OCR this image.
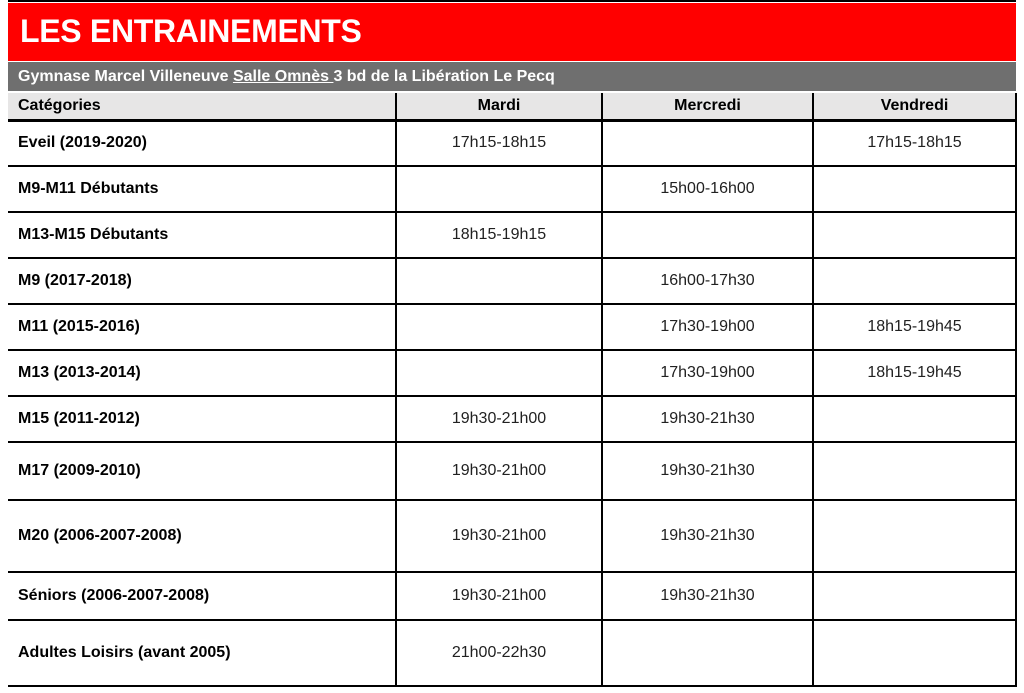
LES ENTRAINEMENTS
Gymnase Marcel Villeneuve Salle Omnès 3 bd de la Libération Le Pecq
Catégories	Mardi	Mercredi	Vendredi
Eveil (2019-2020)	17h15-18h15		17h15-18h15
M9-M11 Débutants		15h00-16h00	
M13-M15 Débutants	18h15-19h15		
M9 (2017-2018)		16h00-17h30	
M11 (2015-2016)		17h30-19h00	18h15-19h45
M13 (2013-2014)		17h30-19h00	18h15-19h45
M15 (2011-2012)	19h30-21h00	19h30-21h30	
M17 (2009-2010)	19h30-21h00	19h30-21h30	
M20 (2006-2007-2008)	19h30-21h00	19h30-21h30	
Séniors (2006-2007-2008)	19h30-21h00	19h30-21h30	
Adultes Loisirs (avant 2005)	21h00-22h30		
